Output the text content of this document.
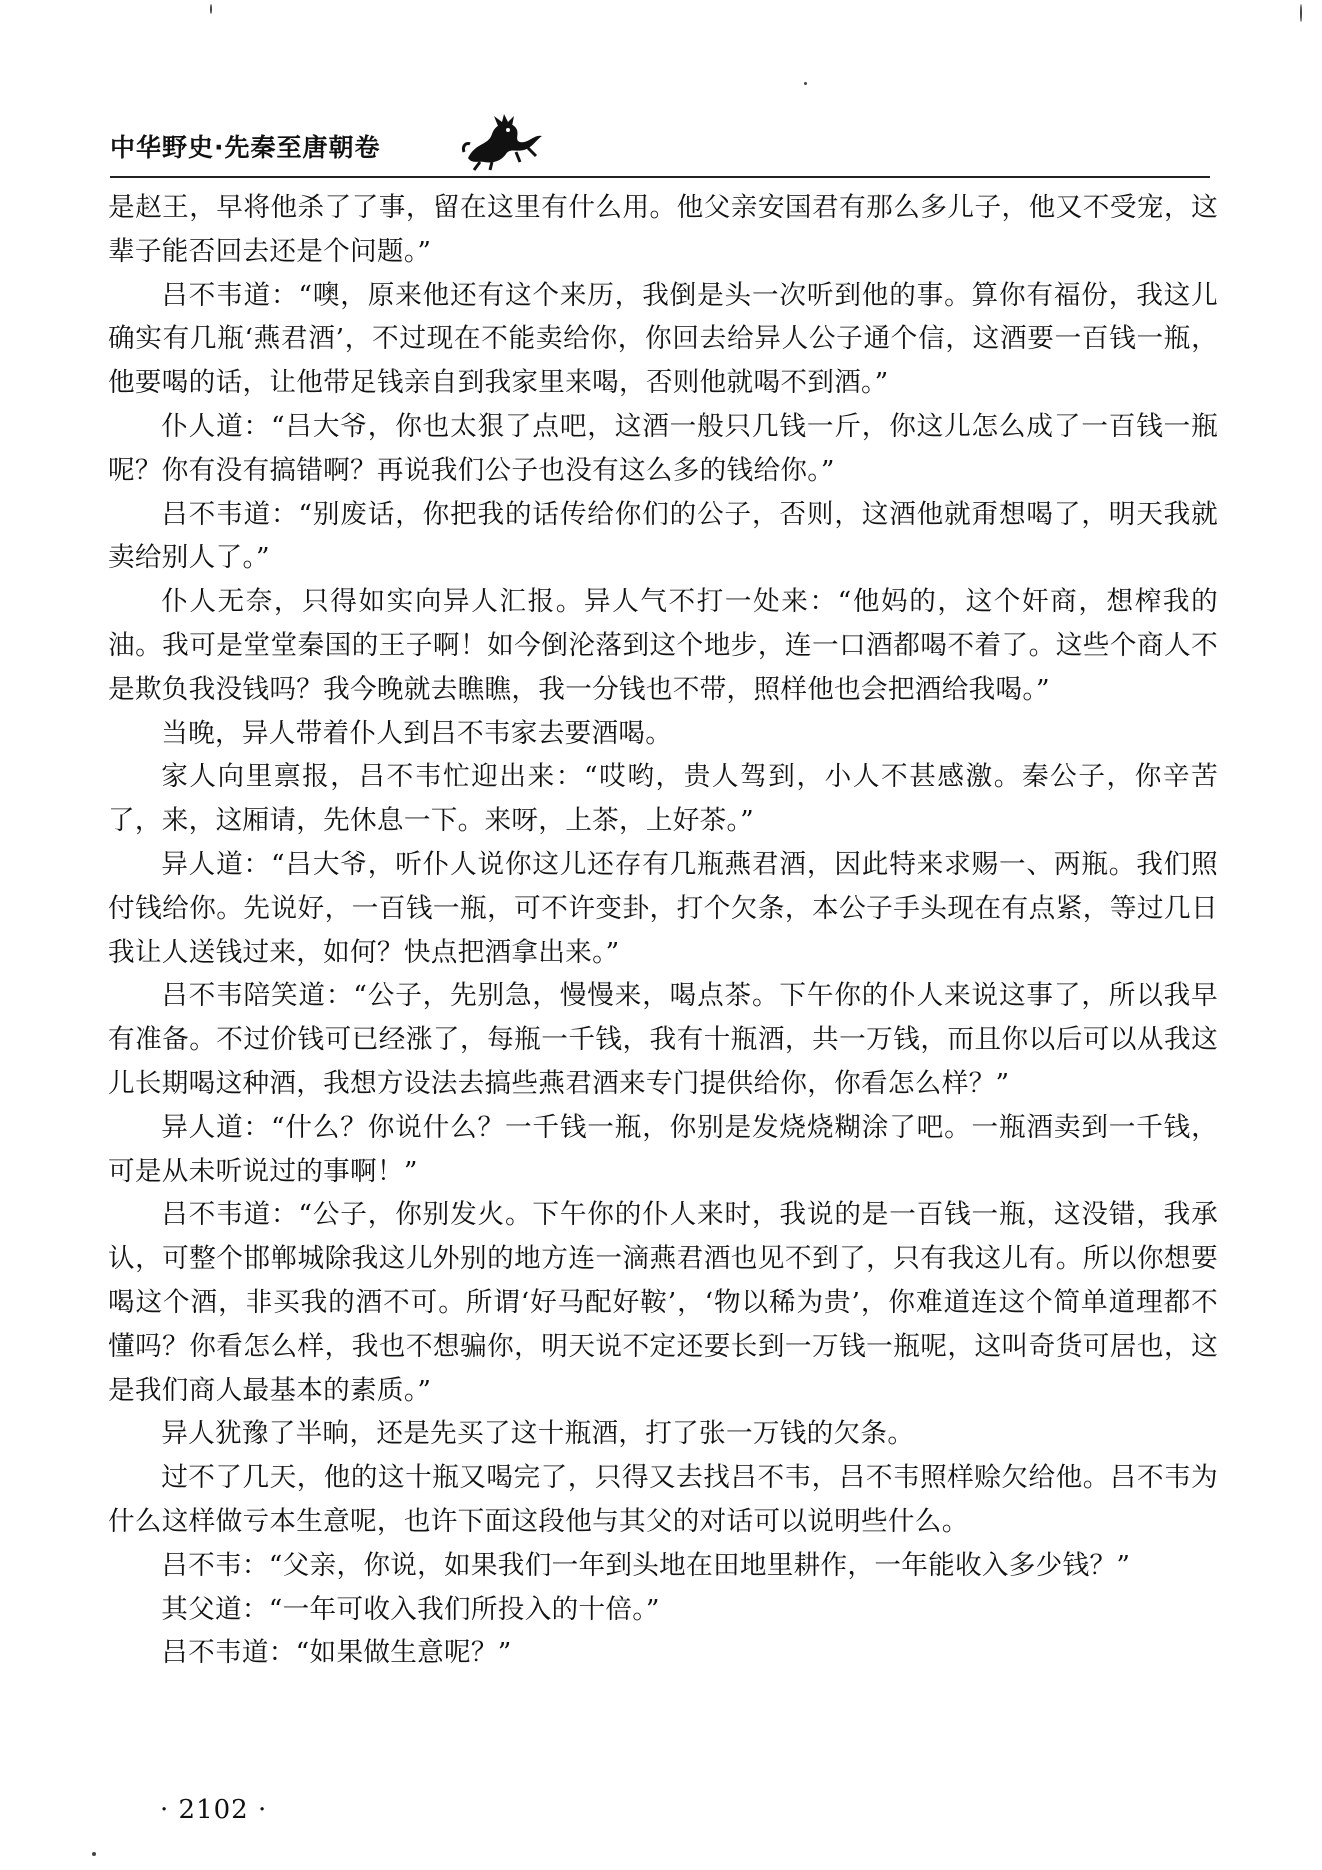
中华野史·先秦至唐朝卷

是赵王，早将他杀了了事，留在这里有什么用。他父亲安国君有那么多儿子，他又不受宠，这辈子能否回去还是个问题。”

吕不韦道：“噢，原来他还有这个来历，我倒是头一次听到他的事。算你有福份，我这儿确实有几瓶‘燕君酒’，不过现在不能卖给你，你回去给异人公子通个信，这酒要一百钱一瓶，他要喝的话，让他带足钱亲自到我家里来喝，否则他就喝不到酒。”

仆人道：“吕大爷，你也太狠了点吧，这酒一般只几钱一斤，你这儿怎么成了一百钱一瓶呢？你有没有搞错啊？再说我们公子也没有这么多的钱给你。”

吕不韦道：“别废话，你把我的话传给你们的公子，否则，这酒他就甭想喝了，明天我就卖给别人了。”

仆人无奈，只得如实向异人汇报。异人气不打一处来：“他妈的，这个奸商，想榨我的油。我可是堂堂秦国的王子啊！如今倒沦落到这个地步，连一口酒都喝不着了。这些个商人不是欺负我没钱吗？我今晚就去瞧瞧，我一分钱也不带，照样他也会把酒给我喝。”

当晚，异人带着仆人到吕不韦家去要酒喝。

家人向里禀报，吕不韦忙迎出来：“哎哟，贵人驾到，小人不甚感激。秦公子，你辛苦了，来，这厢请，先休息一下。来呀，上茶，上好茶。”

异人道：“吕大爷，听仆人说你这儿还存有几瓶燕君酒，因此特来求赐一、两瓶。我们照付钱给你。先说好，一百钱一瓶，可不许变卦，打个欠条，本公子手头现在有点紧，等过几日我让人送钱过来，如何？快点把酒拿出来。”

吕不韦陪笑道：“公子，先别急，慢慢来，喝点茶。下午你的仆人来说这事了，所以我早有准备。不过价钱可已经涨了，每瓶一千钱，我有十瓶酒，共一万钱，而且你以后可以从我这儿长期喝这种酒，我想方设法去搞些燕君酒来专门提供给你，你看怎么样？”

异人道：“什么？你说什么？一千钱一瓶，你别是发烧烧糊涂了吧。一瓶酒卖到一千钱，可是从未听说过的事啊！”

吕不韦道：“公子，你别发火。下午你的仆人来时，我说的是一百钱一瓶，这没错，我承认，可整个邯郸城除我这儿外别的地方连一滴燕君酒也见不到了，只有我这儿有。所以你想要喝这个酒，非买我的酒不可。所谓‘好马配好鞍’，‘物以稀为贵’，你难道连这个简单道理都不懂吗？你看怎么样，我也不想骗你，明天说不定还要长到一万钱一瓶呢，这叫奇货可居也，这是我们商人最基本的素质。”

异人犹豫了半晌，还是先买了这十瓶酒，打了张一万钱的欠条。

过不了几天，他的这十瓶又喝完了，只得又去找吕不韦，吕不韦照样赊欠给他。吕不韦为什么这样做亏本生意呢，也许下面这段他与其父的对话可以说明些什么。

吕不韦：“父亲，你说，如果我们一年到头地在田地里耕作，一年能收入多少钱？”

其父道：“一年可收入我们所投入的十倍。”

吕不韦道：“如果做生意呢？”

· 2102 ·
